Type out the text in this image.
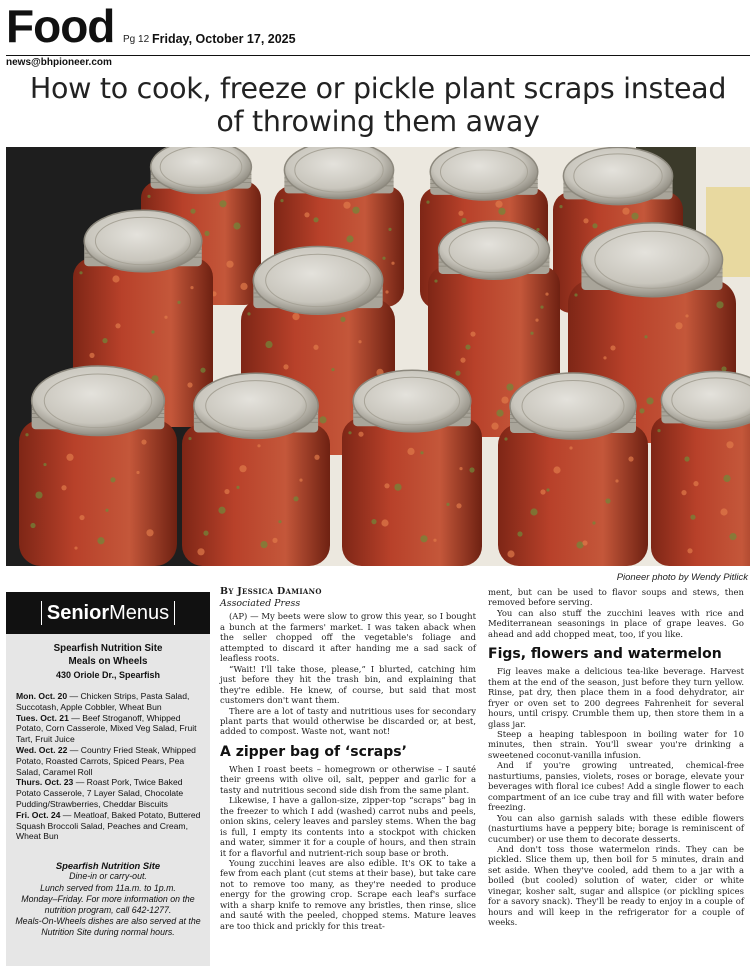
Food Pg 12 Friday, October 17, 2025
news@bhpioneer.com
How to cook, freeze or pickle plant scraps instead of throwing them away
Pioneer photo by Wendy Pitlick
SeniorMenus
Spearfish Nutrition Site
Meals on Wheels
430 Oriole Dr., Spearfish
Mon. Oct. 20 — Chicken Strips, Pasta Salad, Succotash, Apple Cobbler, Wheat Bun
Tues. Oct. 21 — Beef Stroganoff, Whipped Potato, Corn Casserole, Mixed Veg Salad, Fruit Tart, Fruit Juice
Wed. Oct. 22 — Country Fried Steak, Whipped Potato, Roasted Carrots, Spiced Pears, Pea Salad, Caramel Roll
Thurs. Oct. 23 — Roast Pork, Twice Baked Potato Casserole, 7 Layer Salad, Chocolate Pudding/Strawberries, Cheddar Biscuits
Fri. Oct. 24 — Meatloaf, Baked Potato, Buttered Squash Broccoli Salad, Peaches and Cream, Wheat Bun
Spearfish Nutrition Site
Dine-in or carry-out.
Lunch served from 11a.m. to 1p.m.
Monday–Friday. For more information on the nutrition program, call 642-1277.
Meals-On-Wheels dishes are also served at the Nutrition Site during normal hours.
By Jessica Damiano
Associated Press

(AP) — My beets were slow to grow this year, so I bought a bunch at the farmers' market. I was taken aback when the seller chopped off the vegetable's foliage and attempted to discard it after handing me a sad sack of leafless roots.

“Wait! I'll take those, please,” I blurted, catching him just before they hit the trash bin, and explaining that they're edible. He knew, of course, but said that most customers don't want them.

There are a lot of tasty and nutritious uses for secondary plant parts that would otherwise be discarded or, at best, added to compost. Waste not, want not!

A zipper bag of ‘scraps’

When I roast beets – homegrown or otherwise – I sauté their greens with olive oil, salt, pepper and garlic for a tasty and nutritious second side dish from the same plant.

Likewise, I have a gallon-size, zipper-top “scraps” bag in the freezer to which I add (washed) carrot nubs and peels, onion skins, celery leaves and parsley stems. When the bag is full, I empty its contents into a stockpot with chicken and water, simmer it for a couple of hours, and then strain it for a flavorful and nutrient-rich soup base or broth.

Young zucchini leaves are also edible. It's OK to take a few from each plant (cut stems at their base), but take care not to remove too many, as they're needed to produce energy for the growing crop. Scrape each leaf's surface with a sharp knife to remove any bristles, then rinse, slice and sauté with the peeled, chopped stems. Mature leaves are too thick and prickly for this treat-

ment, but can be used to flavor soups and stews, then removed before serving.

You can also stuff the zucchini leaves with rice and Mediterranean seasonings in place of grape leaves. Go ahead and add chopped meat, too, if you like.

Figs, flowers and watermelon

Fig leaves make a delicious tea-like beverage. Harvest them at the end of the season, just before they turn yellow. Rinse, pat dry, then place them in a food dehydrator, air fryer or oven set to 200 degrees Fahrenheit for several hours, until crispy. Crumble them up, then store them in a glass jar.

Steep a heaping tablespoon in boiling water for 10 minutes, then strain. You'll swear you're drinking a sweetened coconut-vanilla infusion.

And if you're growing untreated, chemical-free nasturtiums, pansies, violets, roses or borage, elevate your beverages with floral ice cubes! Add a single flower to each compartment of an ice cube tray and fill with water before freezing.

You can also garnish salads with these edible flowers (nasturtiums have a peppery bite; borage is reminiscent of cucumber) or use them to decorate desserts.

And don't toss those watermelon rinds. They can be pickled. Slice them up, then boil for 5 minutes, drain and set aside. When they've cooled, add them to a jar with a boiled (but cooled) solution of water, cider or white vinegar, kosher salt, sugar and allspice (or pickling spices for a savory snack). They'll be ready to enjoy in a couple of hours and will keep in the refrigerator for a couple of weeks.
